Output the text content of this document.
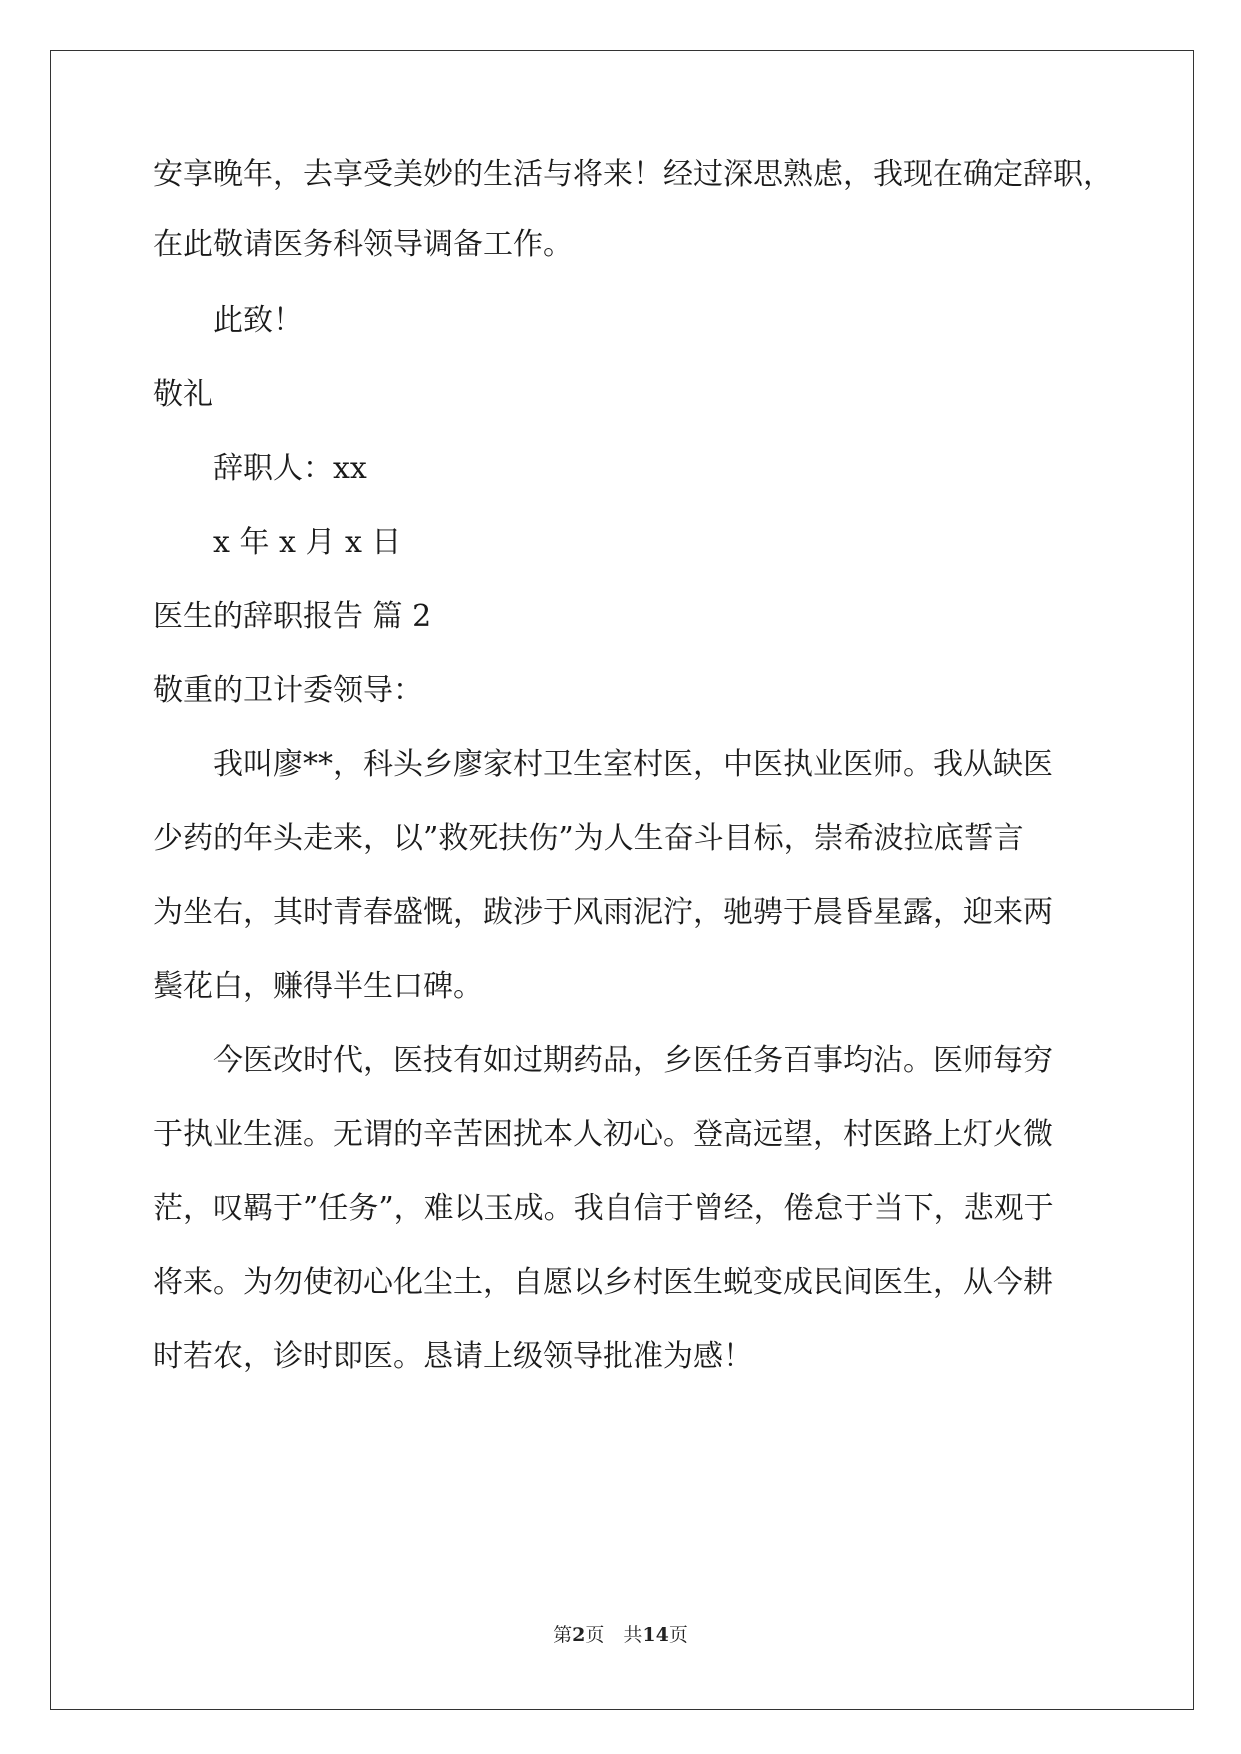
安享晚年，去享受美妙的生活与将来！经过深思熟虑，我现在确定辞职，

在此敬请医务科领导调备工作。

此致！

敬礼

辞职人：xx

x 年 x 月 x 日

医生的辞职报告 篇 2

敬重的卫计委领导：

我叫廖**，科头乡廖家村卫生室村医，中医执业医师。我从缺医

少药的年头走来，以”救死扶伤”为人生奋斗目标，崇希波拉底誓言

为坐右，其时青春盛慨，跋涉于风雨泥泞，驰骋于晨昏星露，迎来两

鬓花白，赚得半生口碑。

今医改时代，医技有如过期药品，乡医任务百事均沾。医师每穷

于执业生涯。无谓的辛苦困扰本人初心。登高远望，村医路上灯火微

茫，叹羁于”任务”，难以玉成。我自信于曾经，倦怠于当下，悲观于

将来。为勿使初心化尘土，自愿以乡村医生蜕变成民间医生，从今耕

时若农，诊时即医。恳请上级领导批准为感！

第2页　共14页
